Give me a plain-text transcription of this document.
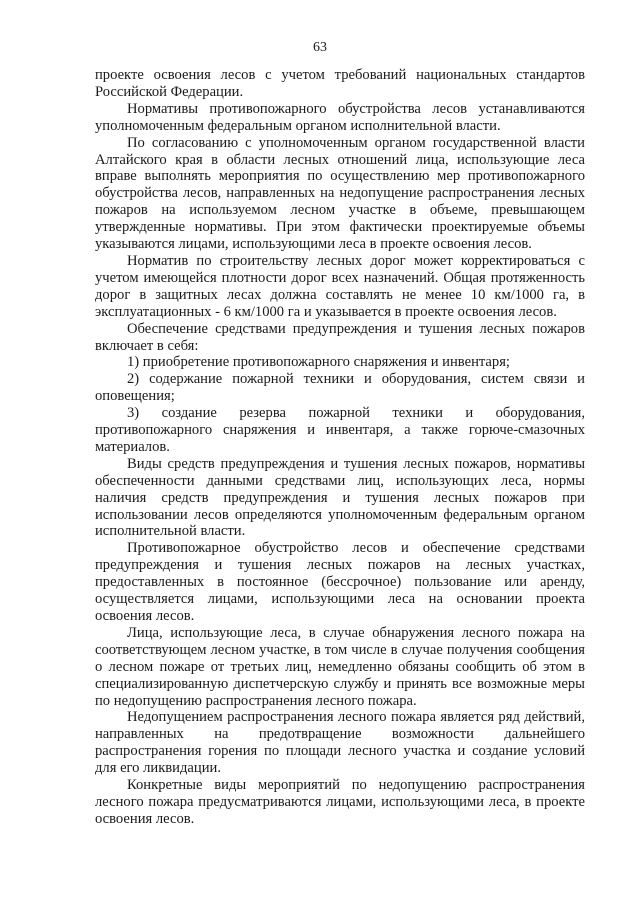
63

проекте освоения лесов с учетом требований национальных стандартов Российской Федерации.

Нормативы противопожарного обустройства лесов устанавливаются уполномоченным федеральным органом исполнительной власти.

По согласованию с уполномоченным органом государственной власти Алтайского края в области лесных отношений лица, использующие леса вправе выполнять мероприятия по осуществлению мер противопожарного обустройства лесов, направленных на недопущение распространения лесных пожаров на используемом лесном участке в объеме, превышающем утвержденные нормативы. При этом фактически проектируемые объемы указываются лицами, использующими леса в проекте освоения лесов.

Норматив по строительству лесных дорог может корректироваться с учетом имеющейся плотности дорог всех назначений. Общая протяженность дорог в защитных лесах должна составлять не менее 10 км/1000 га, в эксплуатационных - 6 км/1000 га и указывается в проекте освоения лесов.

Обеспечение средствами предупреждения и тушения лесных пожаров включает в себя:

1) приобретение противопожарного снаряжения и инвентаря;

2) содержание пожарной техники и оборудования, систем связи и оповещения;

3) создание резерва пожарной техники и оборудования, противопожарного снаряжения и инвентаря, а также горюче-смазочных материалов.

Виды средств предупреждения и тушения лесных пожаров, нормативы обеспеченности данными средствами лиц, использующих леса, нормы наличия средств предупреждения и тушения лесных пожаров при использовании лесов определяются уполномоченным федеральным органом исполнительной власти.

Противопожарное обустройство лесов и обеспечение средствами предупреждения и тушения лесных пожаров на лесных участках, предоставленных в постоянное (бессрочное) пользование или аренду, осуществляется лицами, использующими леса на основании проекта освоения лесов.

Лица, использующие леса, в случае обнаружения лесного пожара на соответствующем лесном участке, в том числе в случае получения сообщения о лесном пожаре от третьих лиц, немедленно обязаны сообщить об этом в специализированную диспетчерскую службу и принять все возможные меры по недопущению распространения лесного пожара.

Недопущением распространения лесного пожара является ряд действий, направленных на предотвращение возможности дальнейшего распространения горения по площади лесного участка и создание условий для его ликвидации.

Конкретные виды мероприятий по недопущению распространения лесного пожара предусматриваются лицами, использующими леса, в проекте освоения лесов.
